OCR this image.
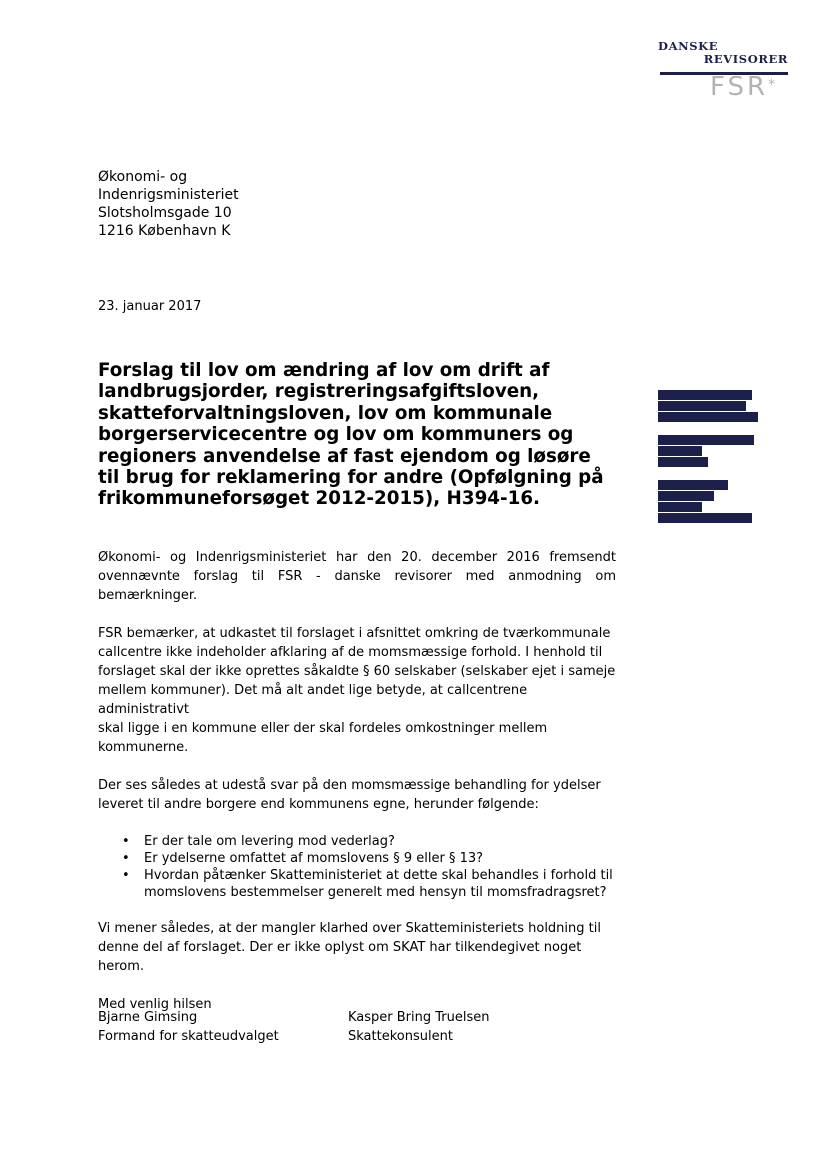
DANSKE
REVISORER
FSR*
Økonomi- og
Indenrigsministeriet
Slotsholmsgade 10
1216 København K
23. januar 2017
Forslag til lov om ændring af lov om drift af landbrugsjorder, registreringsafgiftsloven, skatteforvaltningsloven, lov om kommunale borgerservicecentre og lov om kommuners og regioners anvendelse af fast ejendom og løsøre til brug for reklamering for andre (Opfølgning på frikommuneforsøget 2012-2015), H394-16.

Økonomi- og Indenrigsministeriet har den 20. december 2016 fremsendt ovennævnte forslag til FSR - danske revisorer med anmodning om bemærkninger.

FSR bemærker, at udkastet til forslaget i afsnittet omkring de tværkommunale
callcentre ikke indeholder afklaring af de momsmæssige forhold. I henhold til
forslaget skal der ikke oprettes såkaldte § 60 selskaber (selskaber ejet i sameje
mellem kommuner). Det må alt andet lige betyde, at callcentrene administrativt
skal ligge i en kommune eller der skal fordeles omkostninger mellem
kommunerne.

Der ses således at udestå svar på den momsmæssige behandling for ydelser
leveret til andre borgere end kommunens egne, herunder følgende:

• Er der tale om levering mod vederlag?
• Er ydelserne omfattet af momslovens § 9 eller § 13?
• Hvordan påtænker Skatteministeriet at dette skal behandles i forhold til
momslovens bestemmelser generelt med hensyn til momsfradragsret?

Vi mener således, at der mangler klarhed over Skatteministeriets holdning til
denne del af forslaget. Der er ikke oplyst om SKAT har tilkendegivet noget
herom.

Med venlig hilsen

Bjarne Gimsing
Formand for skatteudvalget
Kasper Bring Truelsen
Skattekonsulent
